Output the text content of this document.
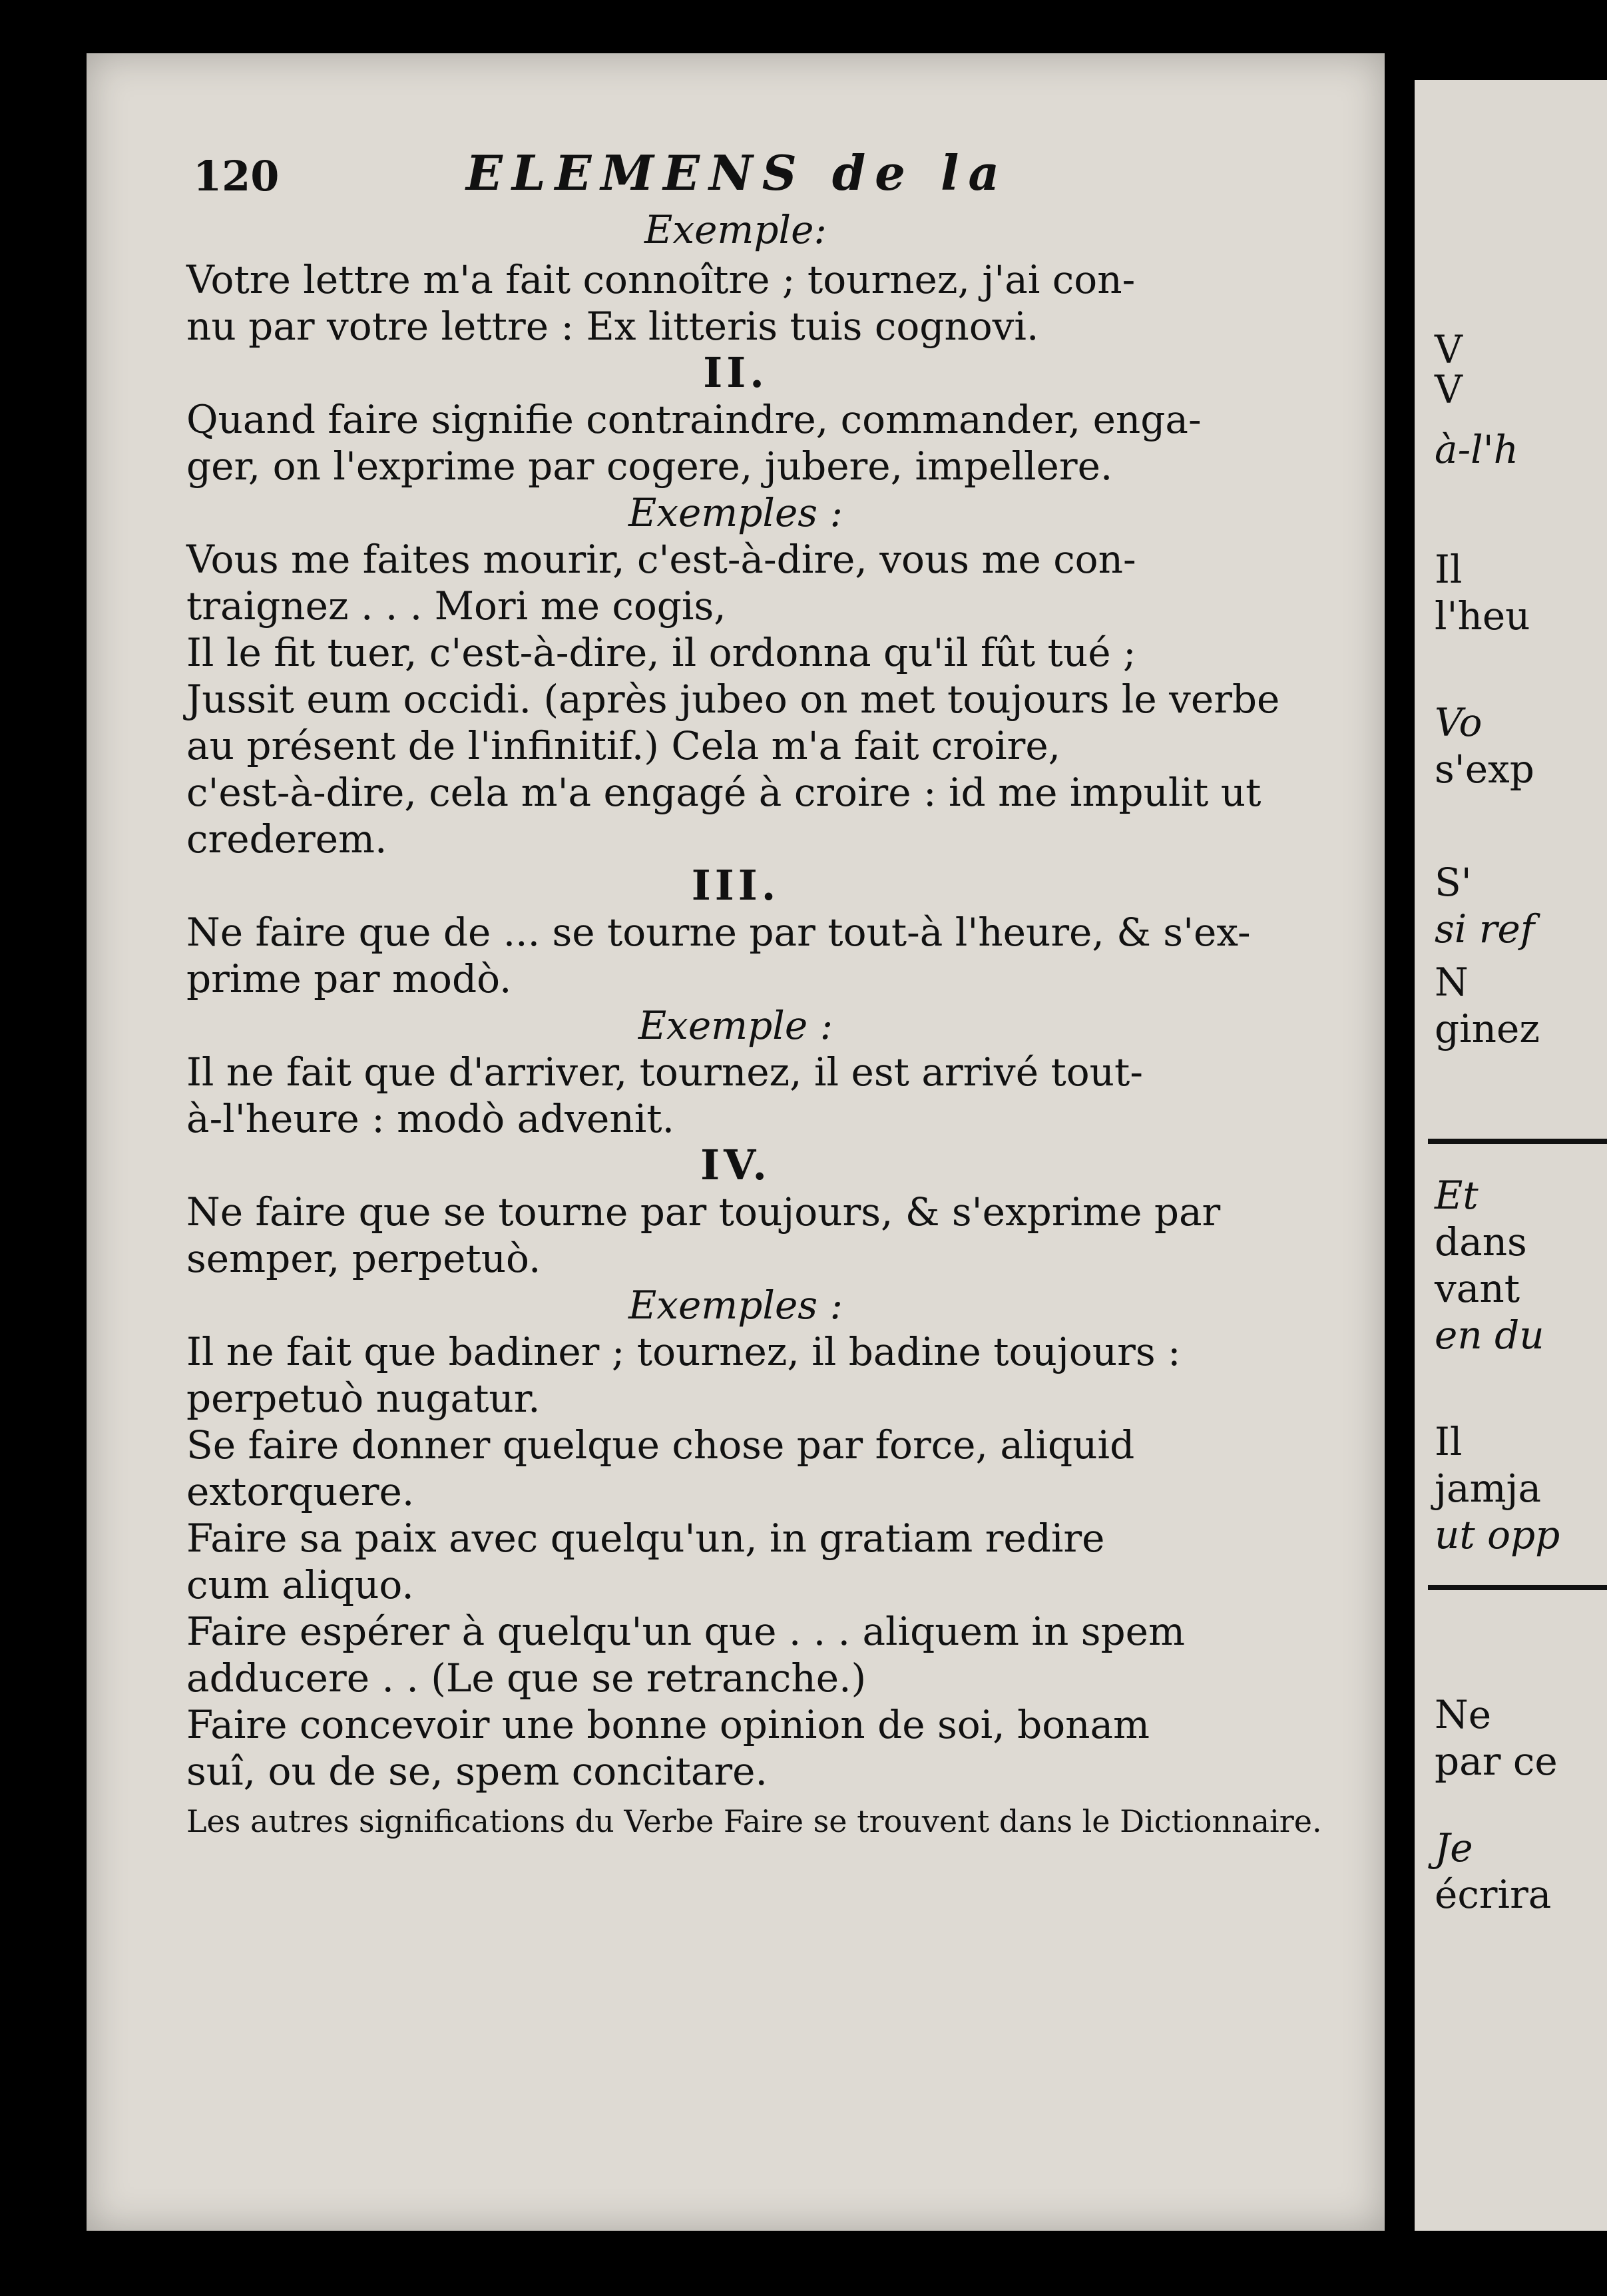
120	ELEMENS de la
Exemple:
Votre lettre m'a fait connoître ; tournez, j'ai con-
nu par votre lettre : Ex litteris tuis cognovi.
II.
Quand faire signifie contraindre, commander, enga-
ger, on l'exprime par cogere, jubere, impellere.
Exemples :
Vous me faites mourir, c'est-à-dire, vous me con-
traignez . . . Mori me cogis,
Il le fit tuer, c'est-à-dire, il ordonna qu'il fût tué ;
Jussit eum occidi. (après jubeo on met toujours le verbe
au présent de l'infinitif.) Cela m'a fait croire,
c'est-à-dire, cela m'a engagé à croire : id me impulit ut
crederem.
III.
Ne faire que de ... se tourne par tout-à l'heure, & s'ex-
prime par modò.
Exemple :
Il ne fait que d'arriver, tournez, il est arrivé tout-
à-l'heure : modò advenit.
IV.
Ne faire que se tourne par toujours, & s'exprime par
semper, perpetuò.
Exemples :
Il ne fait que badiner ; tournez, il badine toujours :
perpetuò nugatur.
Se faire donner quelque chose par force, aliquid
extorquere.
Faire sa paix avec quelqu'un, in gratiam redire
cum aliquo.
Faire espérer à quelqu'un que . . . aliquem in spem
adducere . . (Le que se retranche.)
Faire concevoir une bonne opinion de soi, bonam
suî, ou de se, spem concitare.
Les autres significations du Verbe Faire se trouvent dans le Dictionnaire.
V
V
à-l'h
Il
l'heu
Vo
s'exp
S'
si ref
N
ginez
Et
dans
vant
en du
Il
jamja
ut opp
Ne
par ce
Je
écrira
